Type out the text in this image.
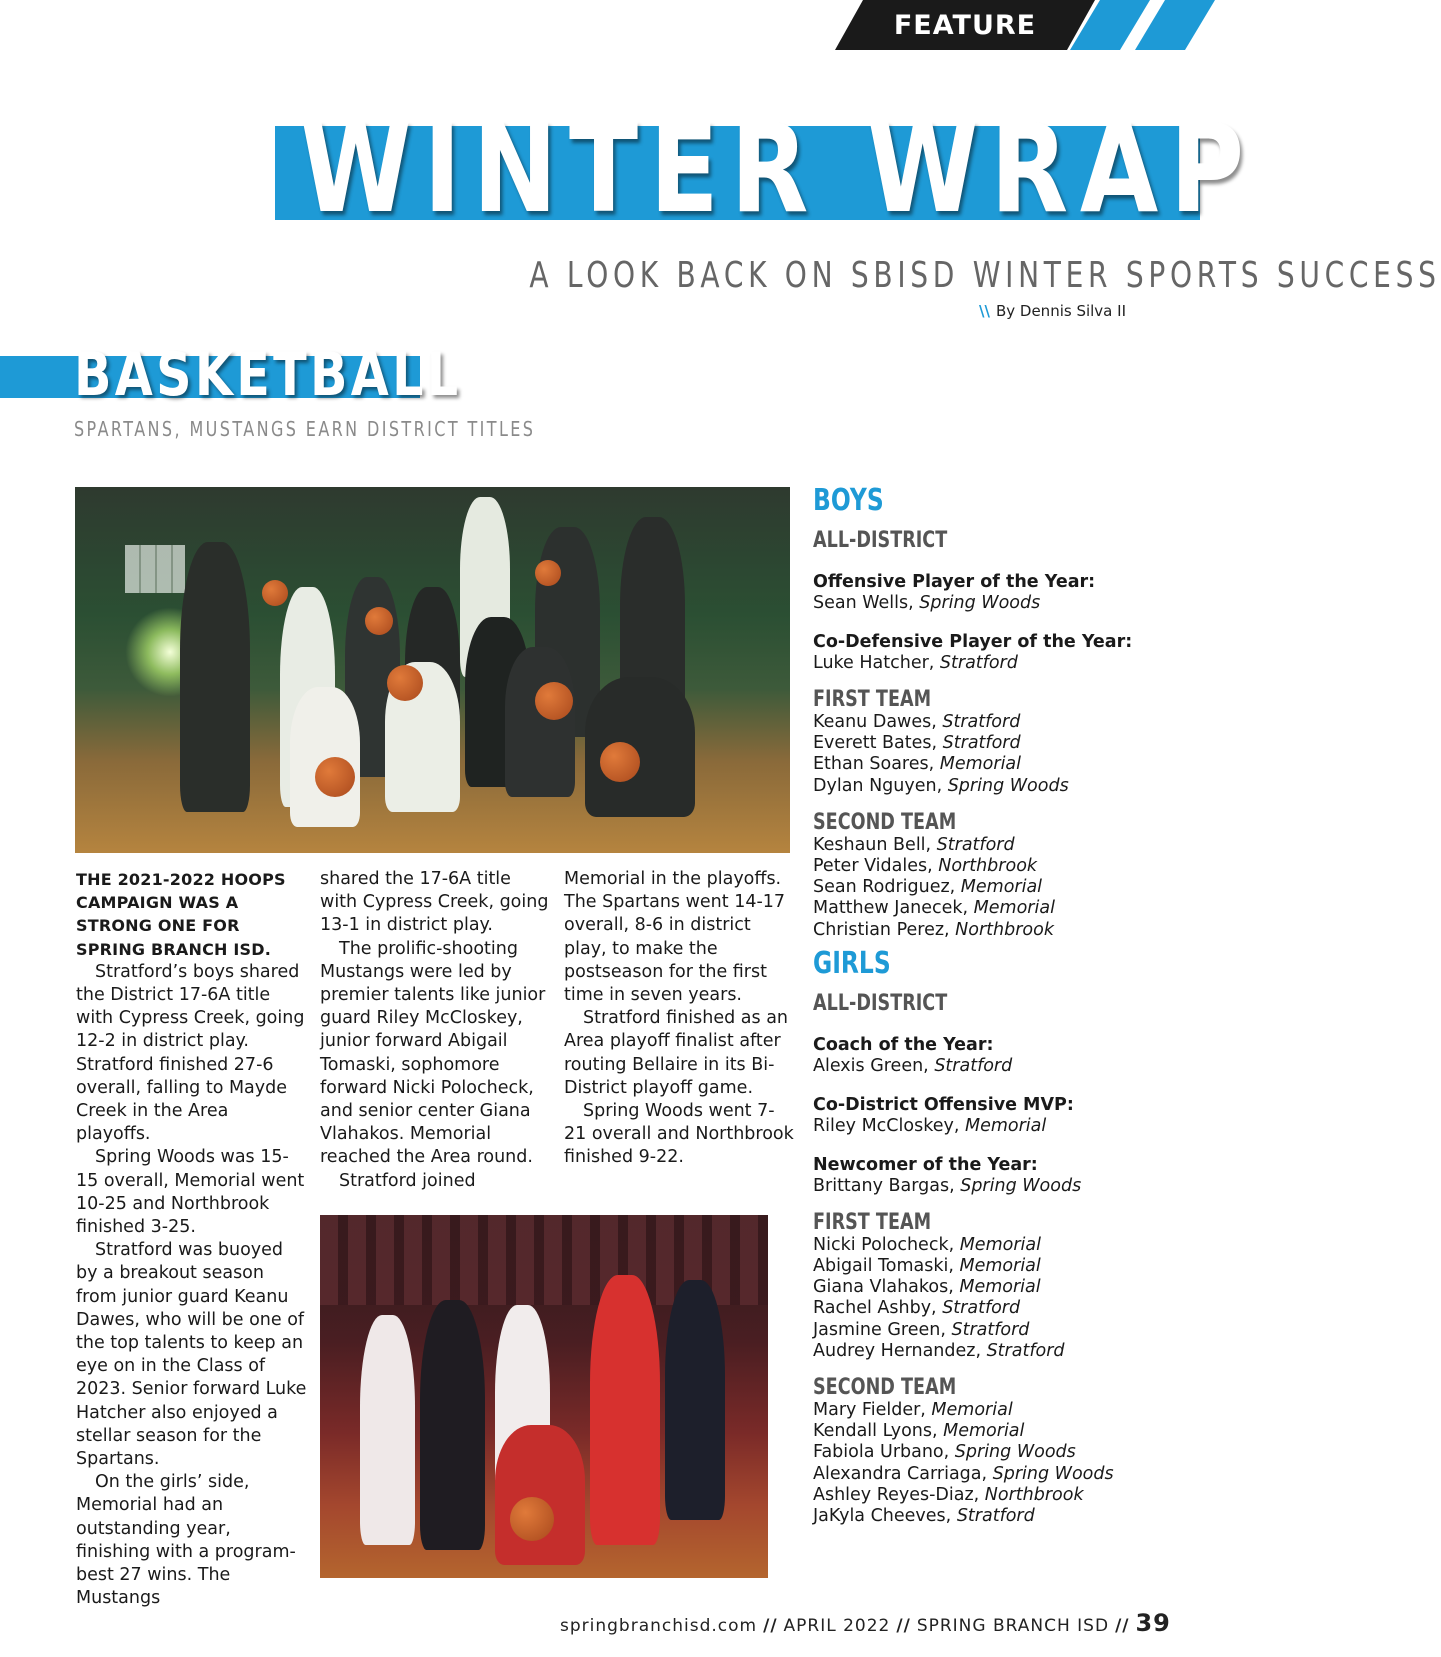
FEATURE
WINTER WRAP
A LOOK BACK ON SBISD WINTER SPORTS SUCCESS
\\ By Dennis Silva II
BASKETBALL
SPARTANS, MUSTANGS EARN DISTRICT TITLES

THE 2021-2022 HOOPS CAMPAIGN WAS A STRONG ONE FOR SPRING BRANCH ISD.

Stratford’s boys shared the District 17-6A title with Cypress Creek, going 12-2 in district play. Stratford finished 27-6 overall, falling to Mayde Creek in the Area playoffs.

Spring Woods was 15-15 overall, Memorial went 10-25 and Northbrook finished 3-25.

Stratford was buoyed by a breakout season from junior guard Keanu Dawes, who will be one of the top talents to keep an eye on in the Class of 2023. Senior forward Luke Hatcher also enjoyed a stellar season for the Spartans.

On the girls’ side, Memorial had an outstanding year, finishing with a program-best 27 wins. The Mustangs

shared the 17-6A title with Cypress Creek, going 13-1 in district play.

The prolific-shooting Mustangs were led by premier talents like junior guard Riley McCloskey, junior forward Abigail Tomaski, sophomore forward Nicki Polocheck, and senior center Giana Vlahakos. Memorial reached the Area round.

Stratford joined

Memorial in the playoffs. The Spartans went 14-17 overall, 8-6 in district play, to make the postseason for the first time in seven years.

Stratford finished as an Area playoff finalist after routing Bellaire in its Bi-District playoff game.

Spring Woods went 7-21 overall and Northbrook finished 9-22.

BOYS
ALL-DISTRICT
Offensive Player of the Year:
Sean Wells, Spring Woods
Co-Defensive Player of the Year:
Luke Hatcher, Stratford
FIRST TEAM
Keanu Dawes, Stratford
Everett Bates, Stratford
Ethan Soares, Memorial
Dylan Nguyen, Spring Woods
SECOND TEAM
Keshaun Bell, Stratford
Peter Vidales, Northbrook
Sean Rodriguez, Memorial
Matthew Janecek, Memorial
Christian Perez, Northbrook
GIRLS
ALL-DISTRICT
Coach of the Year:
Alexis Green, Stratford
Co-District Offensive MVP:
Riley McCloskey, Memorial
Newcomer of the Year:
Brittany Bargas, Spring Woods
FIRST TEAM
Nicki Polocheck, Memorial
Abigail Tomaski, Memorial
Giana Vlahakos, Memorial
Rachel Ashby, Stratford
Jasmine Green, Stratford
Audrey Hernandez, Stratford
SECOND TEAM
Mary Fielder, Memorial
Kendall Lyons, Memorial
Fabiola Urbano, Spring Woods
Alexandra Carriaga, Spring Woods
Ashley Reyes-Diaz, Northbrook
JaKyla Cheeves, Stratford
springbranchisd.com // APRIL 2022 // SPRING BRANCH ISD // 39
